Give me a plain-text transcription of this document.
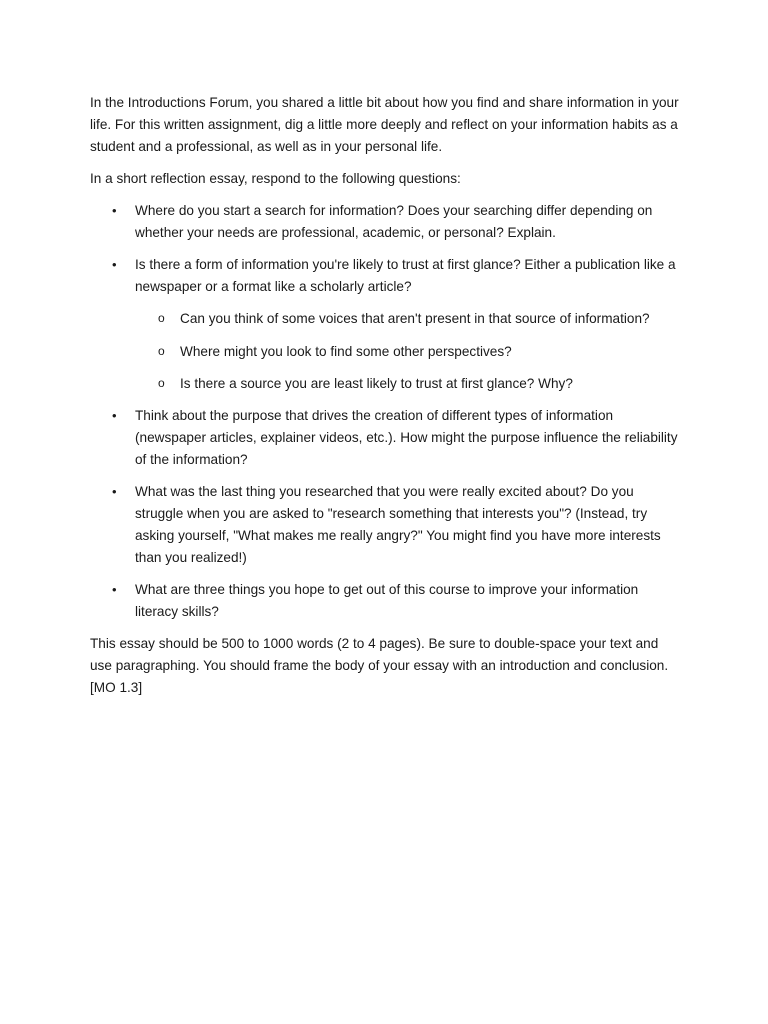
In the Introductions Forum, you shared a little bit about how you find and share information in your life. For this written assignment, dig a little more deeply and reflect on your information habits as a student and a professional, as well as in your personal life.

In a short reflection essay, respond to the following questions:

• Where do you start a search for information? Does your searching differ depending on whether your needs are professional, academic, or personal? Explain.
• Is there a form of information you're likely to trust at first glance? Either a publication like a newspaper or a format like a scholarly article?
o Can you think of some voices that aren't present in that source of information?
o Where might you look to find some other perspectives?
o Is there a source you are least likely to trust at first glance? Why?
• Think about the purpose that drives the creation of different types of information (newspaper articles, explainer videos, etc.). How might the purpose influence the reliability of the information?
• What was the last thing you researched that you were really excited about? Do you struggle when you are asked to "research something that interests you"? (Instead, try asking yourself, "What makes me really angry?" You might find you have more interests than you realized!)
• What are three things you hope to get out of this course to improve your information literacy skills?

This essay should be 500 to 1000 words (2 to 4 pages). Be sure to double-space your text and use paragraphing. You should frame the body of your essay with an introduction and conclusion. [MO 1.3]
